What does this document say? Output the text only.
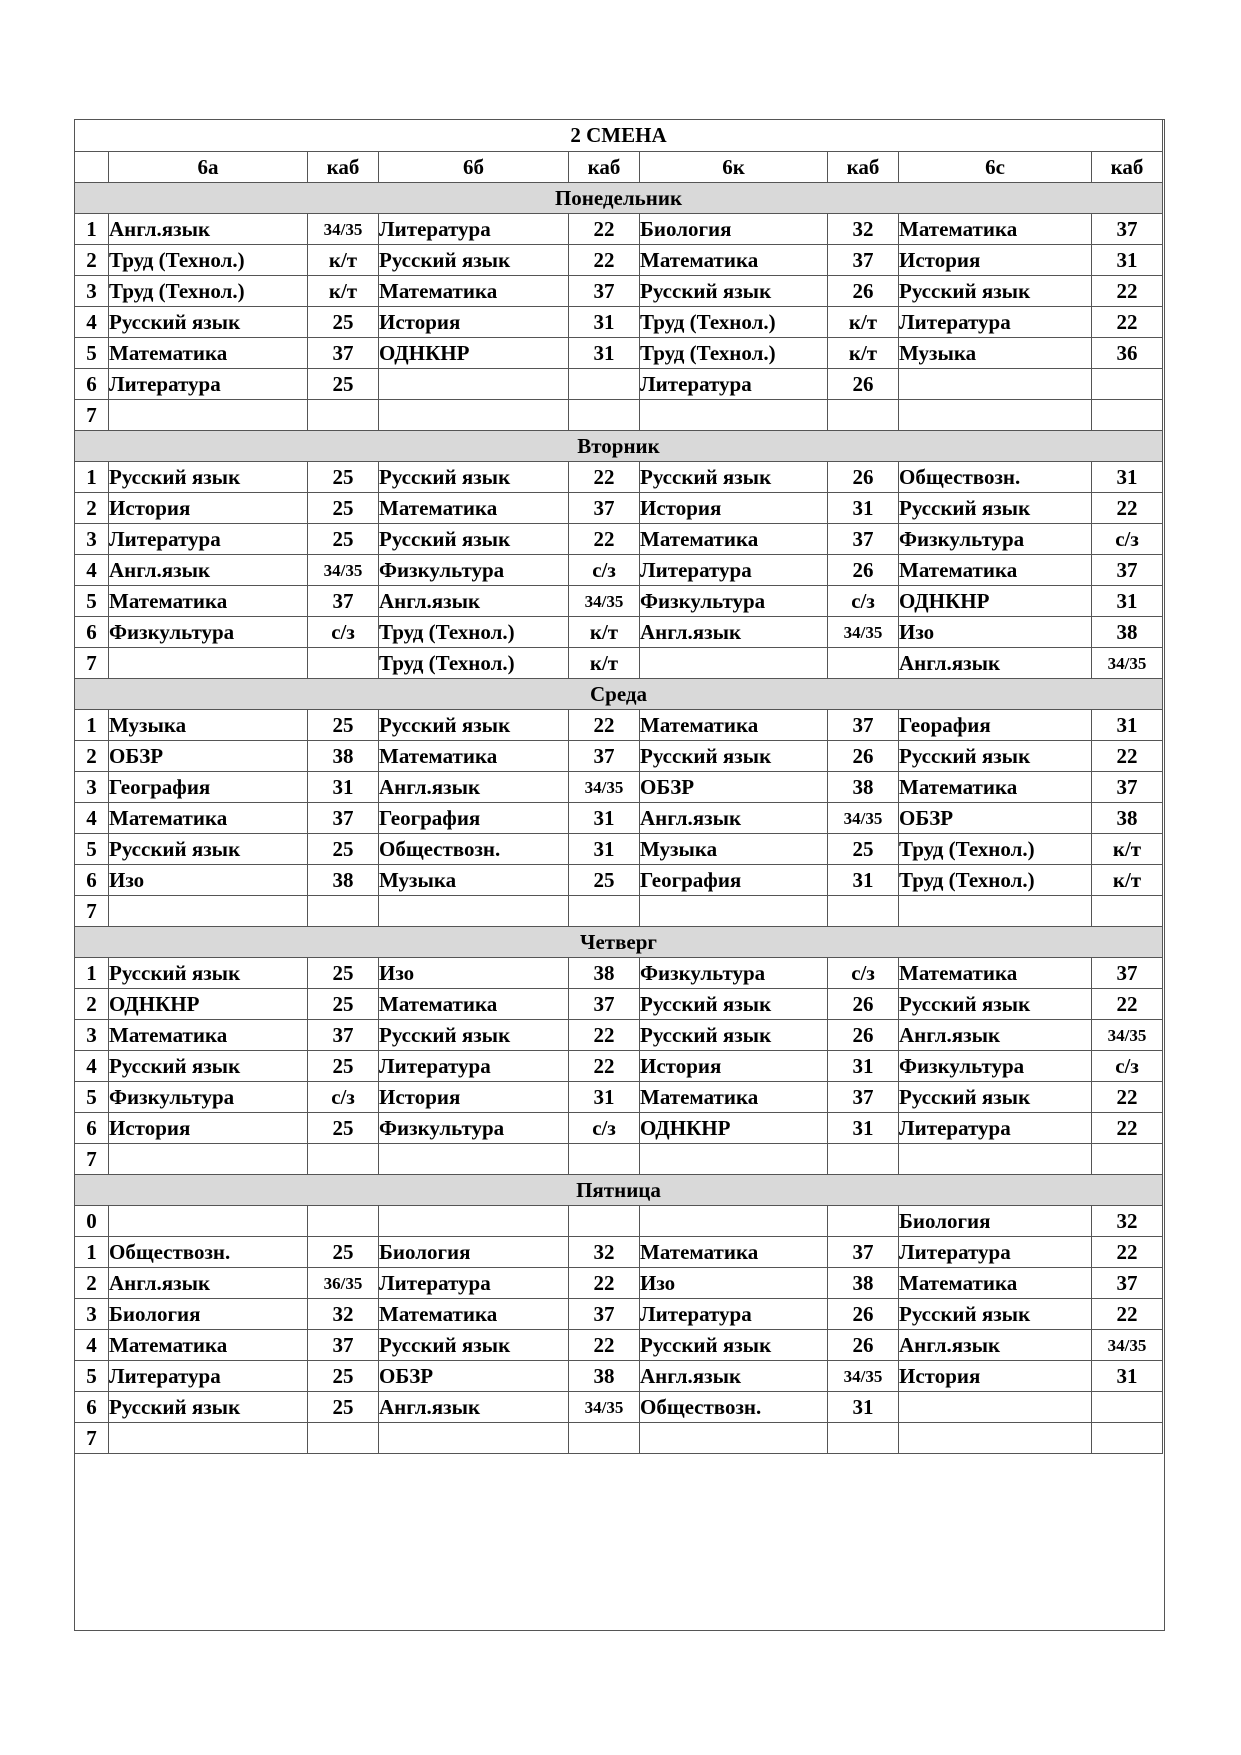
2 СМЕНА								
	6а	каб	6б	каб	6к	каб	6с	каб
Понедельник								
1	Англ.язык	34/35	Литература	22	Биология	32	Математика	37
2	Труд (Технол.)	к/т	Русский язык	22	Математика	37	История	31
3	Труд (Технол.)	к/т	Математика	37	Русский язык	26	Русский язык	22
4	Русский язык	25	История	31	Труд (Технол.)	к/т	Литература	22
5	Математика	37	ОДНКНР	31	Труд (Технол.)	к/т	Музыка	36
6	Литература	25			Литература	26		
7								
Вторник								
1	Русский язык	25	Русский язык	22	Русский язык	26	Обществозн.	31
2	История	25	Математика	37	История	31	Русский язык	22
3	Литература	25	Русский язык	22	Математика	37	Физкультура	с/з
4	Англ.язык	34/35	Физкультура	с/з	Литература	26	Математика	37
5	Математика	37	Англ.язык	34/35	Физкультура	с/з	ОДНКНР	31
6	Физкультура	с/з	Труд (Технол.)	к/т	Англ.язык	34/35	Изо	38
7			Труд (Технол.)	к/т			Англ.язык	34/35
Среда								
1	Музыка	25	Русский язык	22	Математика	37	Георафия	31
2	ОБЗР	38	Математика	37	Русский язык	26	Русский язык	22
3	География	31	Англ.язык	34/35	ОБЗР	38	Математика	37
4	Математика	37	География	31	Англ.язык	34/35	ОБЗР	38
5	Русский язык	25	Обществозн.	31	Музыка	25	Труд (Технол.)	к/т
6	Изо	38	Музыка	25	География	31	Труд (Технол.)	к/т
7								
Четверг								
1	Русский язык	25	Изо	38	Физкультура	с/з	Математика	37
2	ОДНКНР	25	Математика	37	Русский язык	26	Русский язык	22
3	Математика	37	Русский язык	22	Русский язык	26	Англ.язык	34/35
4	Русский язык	25	Литература	22	История	31	Физкультура	с/з
5	Физкультура	с/з	История	31	Математика	37	Русский язык	22
6	История	25	Физкультура	с/з	ОДНКНР	31	Литература	22
7								
Пятница								
0							Биология	32
1	Обществозн.	25	Биология	32	Математика	37	Литература	22
2	Англ.язык	36/35	Литература	22	Изо	38	Математика	37
3	Биология	32	Математика	37	Литература	26	Русский язык	22
4	Математика	37	Русский язык	22	Русский язык	26	Англ.язык	34/35
5	Литература	25	ОБЗР	38	Англ.язык	34/35	История	31
6	Русский язык	25	Англ.язык	34/35	Обществозн.	31		
7								
